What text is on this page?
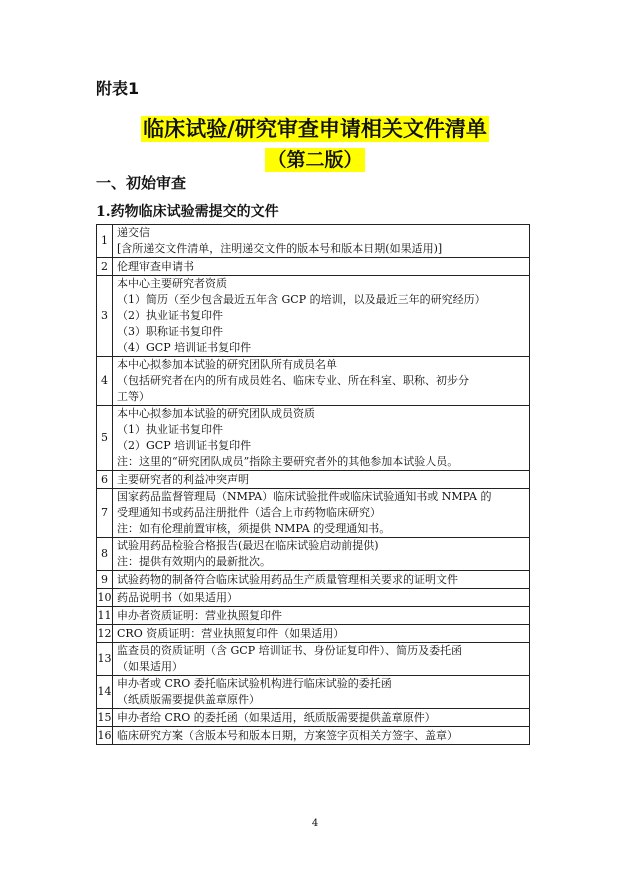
附表1
临床试验/研究审查申请相关文件清单
（第二版）
一、初始审查
1.药物临床试验需提交的文件
1	递交信
[含所递交文件清单，注明递交文件的版本号和版本日期(如果适用)]

2	伦理审查申请书

3	本中心主要研究者资质
（1）简历（至少包含最近五年含 GCP 的培训，以及最近三年的研究经历）
（2）执业证书复印件
（3）职称证书复印件
（4）GCP 培训证书复印件

4	本中心拟参加本试验的研究团队所有成员名单
（包括研究者在内的所有成员姓名、临床专业、所在科室、职称、初步分
工等）

5	本中心拟参加本试验的研究团队成员资质
（1）执业证书复印件
（2）GCP 培训证书复印件
注：这里的“研究团队成员”指除主要研究者外的其他参加本试验人员。

6	主要研究者的利益冲突声明

7	国家药品监督管理局（NMPA）临床试验批件或临床试验通知书或 NMPA 的
受理通知书或药品注册批件（适合上市药物临床研究）
注：如有伦理前置审核，须提供 NMPA 的受理通知书。

8	试验用药品检验合格报告(最迟在临床试验启动前提供)
注：提供有效期内的最新批次。

9	试验药物的制备符合临床试验用药品生产质量管理相关要求的证明文件

10	药品说明书（如果适用）

11	申办者资质证明：营业执照复印件

12	CRO 资质证明：营业执照复印件（如果适用）

13	监查员的资质证明（含 GCP 培训证书、身份证复印件）、简历及委托函
（如果适用）

14	申办者或 CRO 委托临床试验机构进行临床试验的委托函
（纸质版需要提供盖章原件）

15	申办者给 CRO 的委托函（如果适用，纸质版需要提供盖章原件）

16	临床研究方案（含版本号和版本日期，方案签字页相关方签字、盖章）
4
